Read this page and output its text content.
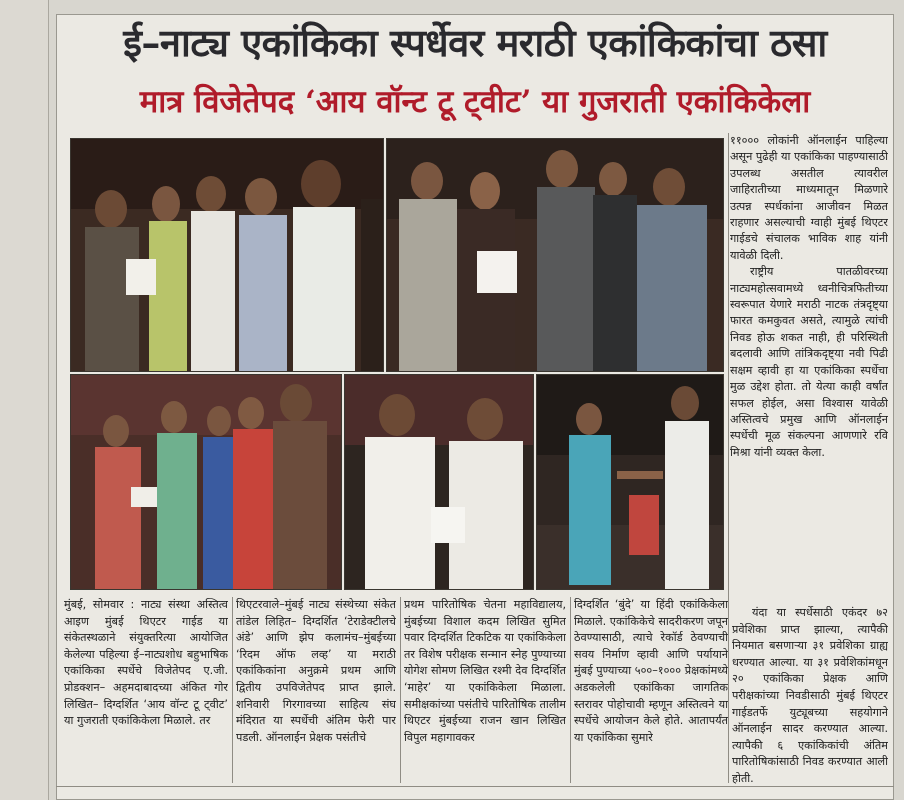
ई–नाट्य एकांकिका स्पर्धेवर मराठी एकांकिकांचा ठसा
मात्र विजेतेपद ‘आय वॉन्ट टू ट्वीट’ या गुजराती एकांकिकेला

११००० लोकांनी ऑनलाईन पाहिल्या असून पुढेही या एकांकिका पाहण्यासाठी उपलब्ध असतील त्यावरील जाहिरातीच्या माध्यमातून मिळणारे उत्पन्न स्पर्धकांना आजीवन मिळत राहणार असल्याची ग्वाही मुंबई थिएटर गाईडचे संचालक भाविक शाह यांनी यावेळी दिली.

राष्ट्रीय पातळीवरच्या नाट्यमहोत्सवामध्ये ध्वनीचित्रफितीच्या स्वरूपात येणारे मराठी नाटक तंत्रदृष्ट्या फारत कमकुवत असते, त्यामुळे त्यांची निवड होऊ शकत नाही, ही परिस्थिती बदलावी आणि तांत्रिकदृष्ट्या नवी पिढी सक्षम व्हावी हा या एकांकिका स्पर्धेचा मुळ उद्देश होता. तो येत्या काही वर्षांत सफल होईल, असा विश्वास यावेळी अस्तित्वचे प्रमुख आणि ऑनलाईन स्पर्धेची मूळ संकल्पना आणणारे रवि मिश्रा यांनी व्यक्त केला.

मुंबई, सोमवार : नाट्य संस्था अस्तित्व आइण मुंबई थिएटर गाईड या संकेतस्थळाने संयुक्तरित्या आयोजित केलेल्या पहिल्या ई–नाट्यशोध बहुभाषिक एकांकिका स्पर्धेचे विजेतेपद ए.जी. प्रोडक्शन– अहमदाबादच्या अंकित गोर लिखित– दिग्दर्शित ‘आय वॉन्ट टू ट्वीट’ या गुजराती एकांकिकेला मिळाले. तर

थिएटरवाले–मुंबई नाट्य संस्थेच्या संकेत तांडेल लिहित– दिग्दर्शित ‘टेराडेक्टीलचे अंडे’ आणि झेप कलामंच–मुंबईच्या ‘रिदम ऑफ लव्ह’ या मराठी एकांकिकांना अनुक्रमे प्रथम आणि द्वितीय उपविजेतेपद प्राप्त झाले. शनिवारी गिरगावच्या साहित्य संघ मंदिरात या स्पर्धेची अंतिम फेरी पार पडली. ऑनलाईन प्रेक्षक पसंतीचे

प्रथम पारितोषिक चेतना महाविद्यालय, मुंबईच्या विशाल कदम लिखित सुमित पवार दिग्दर्शित टिकटिक या एकांकिकेला तर विशेष परीक्षक सन्मान स्नेह पुण्याच्या योगेश सोमण लिखित रश्मी देव दिग्दर्शित ‘माहेर’ या एकांकिकेला मिळाला. समीक्षकांच्या पसंतीचे पारितोषिक तालीम थिएटर मुंबईच्या राजन खान लिखित विपुल महागावकर

दिग्दर्शित ‘बुंदे’ या हिंदी एकांकिकेला मिळाले. एकांकिकेचे सादरीकरण जपून ठेवण्यासाठी, त्याचे रेकॉर्ड ठेवण्याची सवय निर्माण व्हावी आणि पर्यायाने मुंबई पुण्याच्या ५००–१००० प्रेक्षकांमध्ये अडकलेली एकांकिका जागतिक स्तरावर पोहोचावी म्हणून अस्तित्वने या स्पर्धेचे आयोजन केले होते. आतापर्यंत या एकांकिका सुमारे

यंदा या स्पर्धेसाठी एकंदर ७२ प्रवेशिका प्राप्त झाल्या, त्यापैकी नियमात बसणाऱ्या ३१ प्रवेशिका ग्राह्य धरण्यात आल्या. या ३१ प्रवेशिकांमधून २० एकांकिका प्रेक्षक आणि परीक्षकांच्या निवडीसाठी मुंबई थिएटर गाईडतर्फे युट्यूबच्या सहयोगाने ऑनलाईन सादर करण्यात आल्या. त्यापैकी ६ एकांकिकांची अंतिम पारितोषिकांसाठी निवड करण्यात आली होती.
